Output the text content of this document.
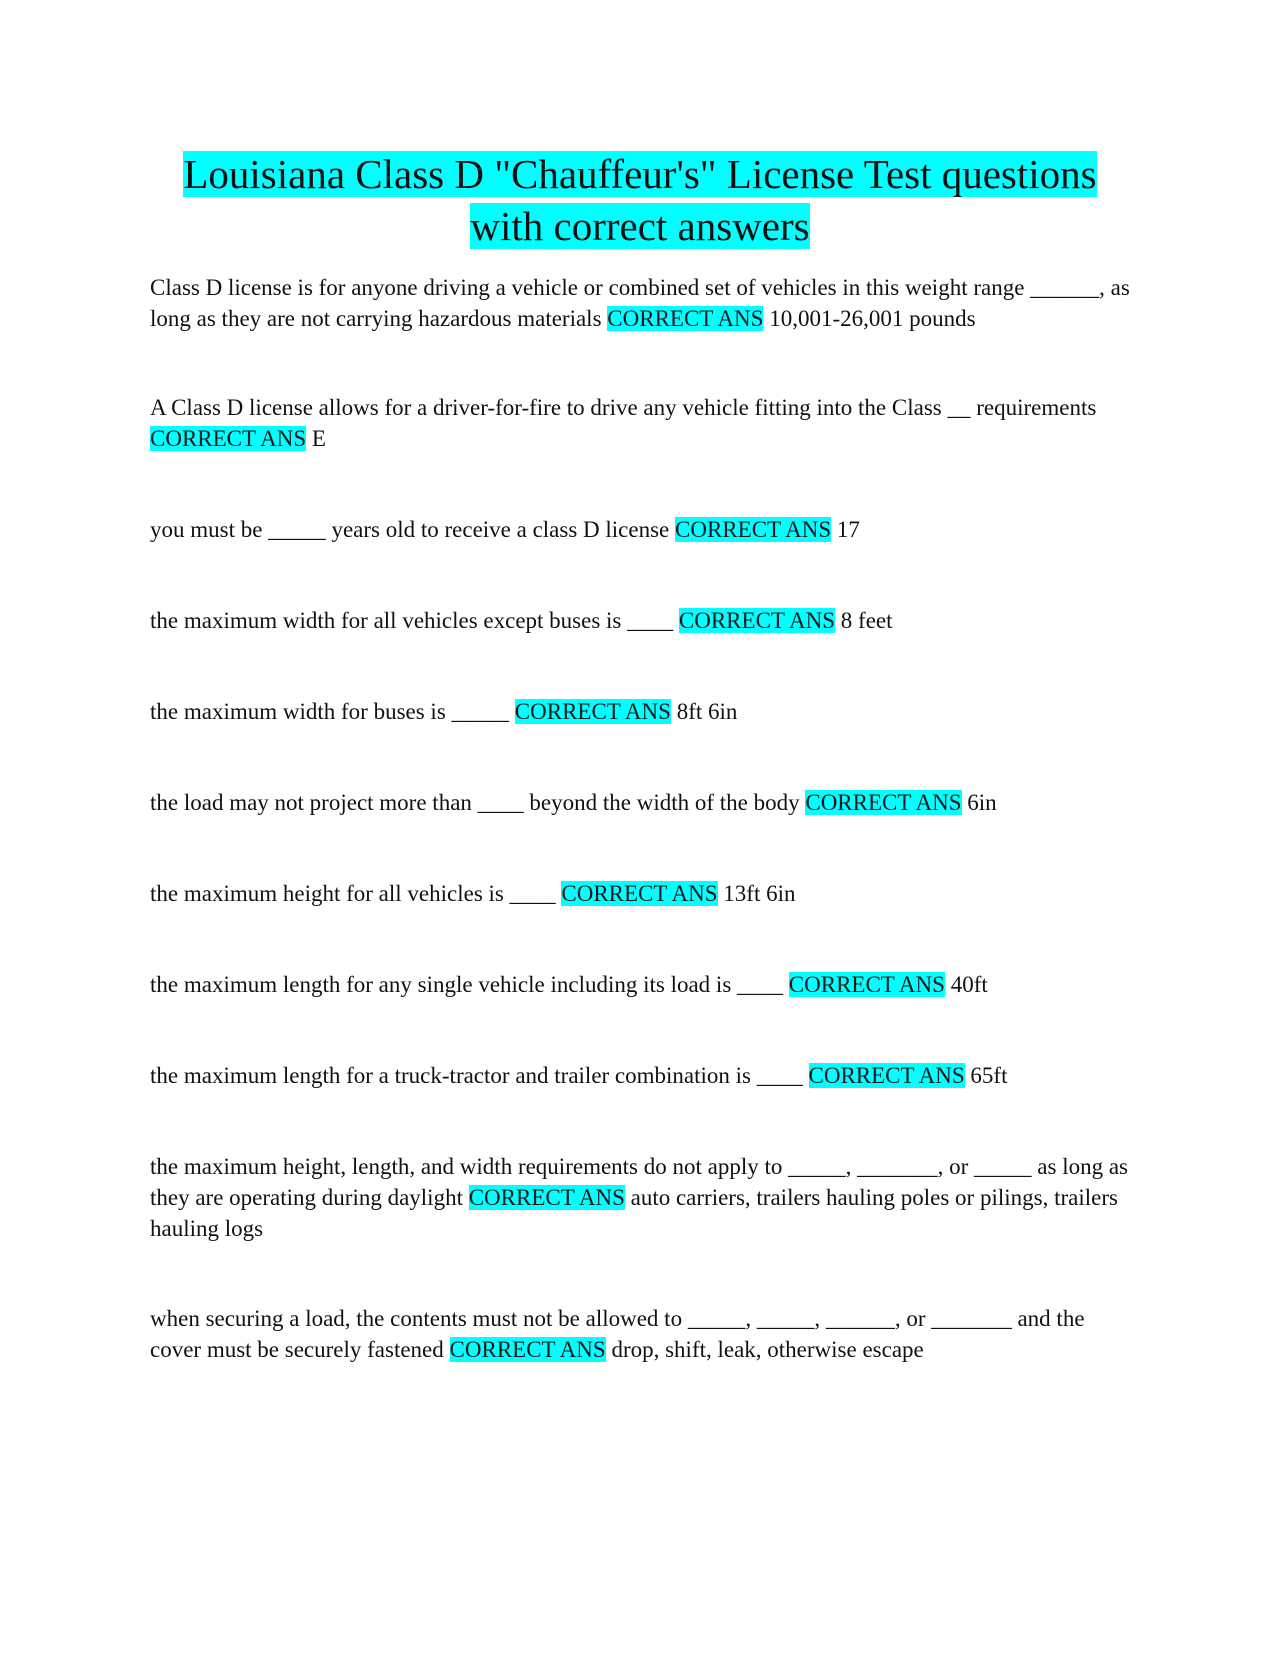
Louisiana Class D "Chauffeur's" License Test questions with correct answers

Class D license is for anyone driving a vehicle or combined set of vehicles in this weight range ______, as long as they are not carrying hazardous materials CORRECT ANS 10,001-26,001 pounds

A Class D license allows for a driver-for-fire to drive any vehicle fitting into the Class __ requirements CORRECT ANS E

you must be _____ years old to receive a class D license CORRECT ANS 17

the maximum width for all vehicles except buses is ____ CORRECT ANS 8 feet

the maximum width for buses is _____ CORRECT ANS 8ft 6in

the load may not project more than ____ beyond the width of the body CORRECT ANS 6in

the maximum height for all vehicles is ____ CORRECT ANS 13ft 6in

the maximum length for any single vehicle including its load is ____ CORRECT ANS 40ft

the maximum length for a truck-tractor and trailer combination is ____ CORRECT ANS 65ft

the maximum height, length, and width requirements do not apply to _____, _______, or _____ as long as they are operating during daylight CORRECT ANS auto carriers, trailers hauling poles or pilings, trailers hauling logs

when securing a load, the contents must not be allowed to _____, _____, ______, or _______ and the cover must be securely fastened CORRECT ANS drop, shift, leak, otherwise escape
